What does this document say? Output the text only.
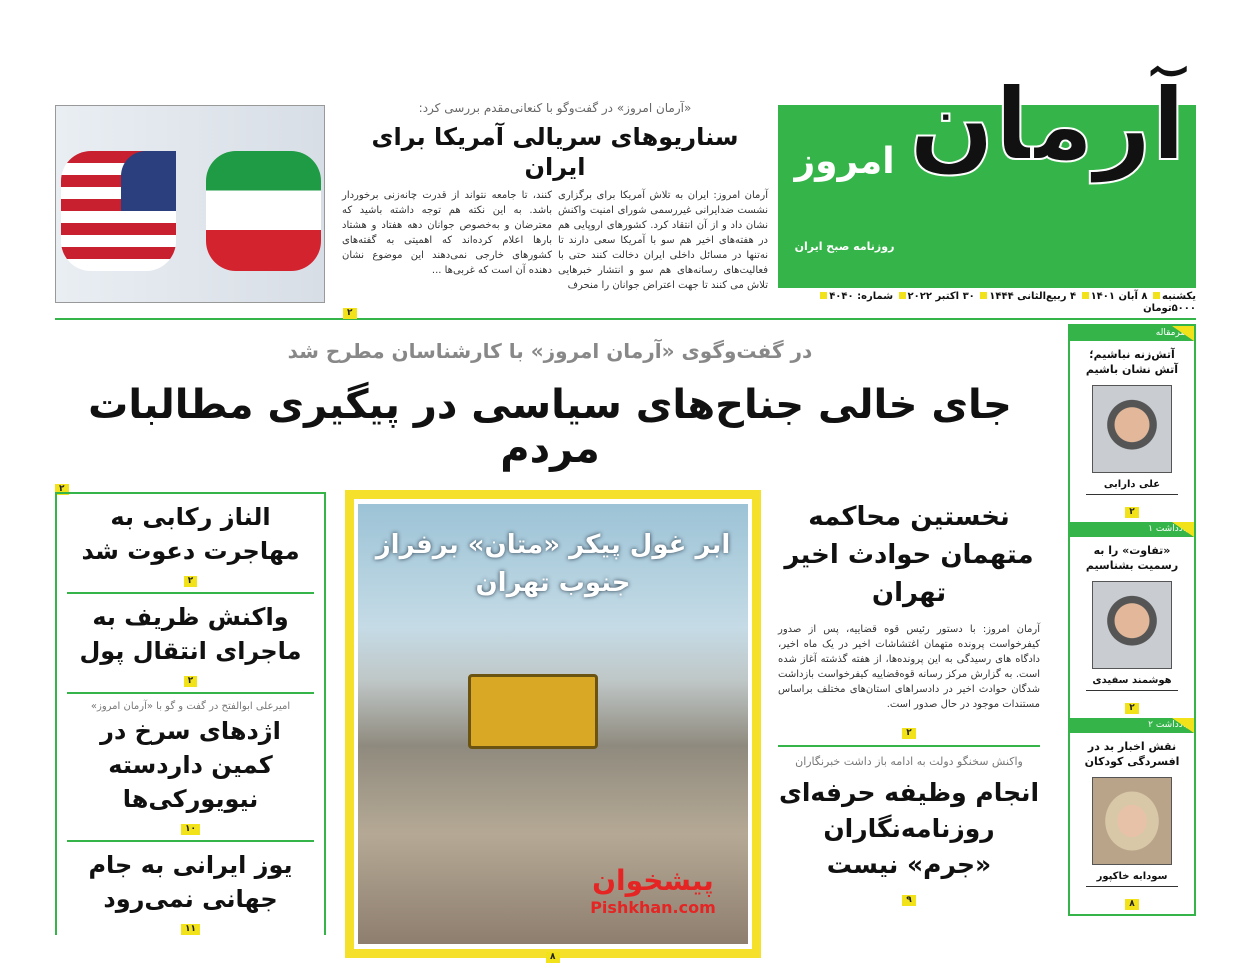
آرمان
امروز
روزنامه صبح ایران
یکشنبه ۸ آبان ۱۴۰۱ ۴ ربیع‌الثانی ۱۴۴۴ ۳۰ اکتبر ۲۰۲۲ شماره: ۴۰۴۰ ۵۰۰۰تومان
«آرمان امروز» در گفت‌وگو با کنعانی‌مقدم بررسی کرد:
سناریوهای سریالی آمریکا برای ایران
آرمان امروز: ایران به تلاش آمریکا برای برگزاری نشست ضدایرانی غیررسمی شورای امنیت واکنش نشان داد و از آن انتقاد کرد. کشورهای اروپایی هم در هفته‌های اخیر هم سو با آمریکا سعی دارند تا نه‌تنها در مسائل داخلی ایران دخالت کنند حتی با فعالیت‌های رسانه‌های هم سو و انتشار خبرهایی تلاش می کنند تا جهت اعتراض جوانان را منحرف
کنند، تا جامعه نتواند از قدرت چانه‌زنی برخوردار باشد. به این نکته هم توجه داشته باشید که معترضان و به‌خصوص جوانان دهه هفتاد و هشتاد بارها اعلام کرده‌اند که اهمیتی به گفته‌های کشورهای خارجی نمی‌دهند این موضوع نشان دهنده آن است که غربی‌ها ...
۲
در گفت‌وگوی «آرمان امروز» با کارشناسان مطرح شد
جای خالی جناح‌های سیاسی در پیگیری مطالبات مردم
۲
الناز رکابی به مهاجرت دعوت شد
۲
واکنش ظریف به ماجرای انتقال پول
۲
امیرعلی ابوالفتح در گفت و گو با «آرمان امروز»
اژدهای سرخ در کمین داردسته نیویورکی‌ها
۱۰
یوز ایرانی به جام جهانی نمی‌رود
۱۱
ابر غول پیکر «متان» برفراز جنوب تهران
پیشخوان
Pishkhan.com
۸
نخستین محاکمه متهمان حوادث اخیر تهران

آرمان امروز: با دستور رئیس قوه قضاییه، پس از صدور کیفرخواست پرونده متهمان اغتشاشات اخیر در یک ماه اخیر، دادگاه های رسیدگی به این پرونده‌ها، از هفته گذشته آغاز شده است. به گزارش مرکز رسانه قوه‌قضاییه کیفرخواست بازداشت شدگان حوادث اخیر در دادسراهای استان‌های مختلف براساس مستندات موجود در حال صدور است.

۲
واکنش سخنگو دولت به ادامه باز داشت خبرنگاران
انجام وظیفه حرفه‌ای روزنامه‌نگاران «جرم» نیست
۹
سرمقاله
آتش‌زنه نباشیم؛ آتش نشان باشیم
علی دارابی
۲
یادداشت ۱
«تفاوت» را به رسمیت بشناسیم
هوشمند سفیدی
۲
یادداشت ۲
نقش اخبار بد در افسردگی کودکان
سودابه خاکپور
۸
